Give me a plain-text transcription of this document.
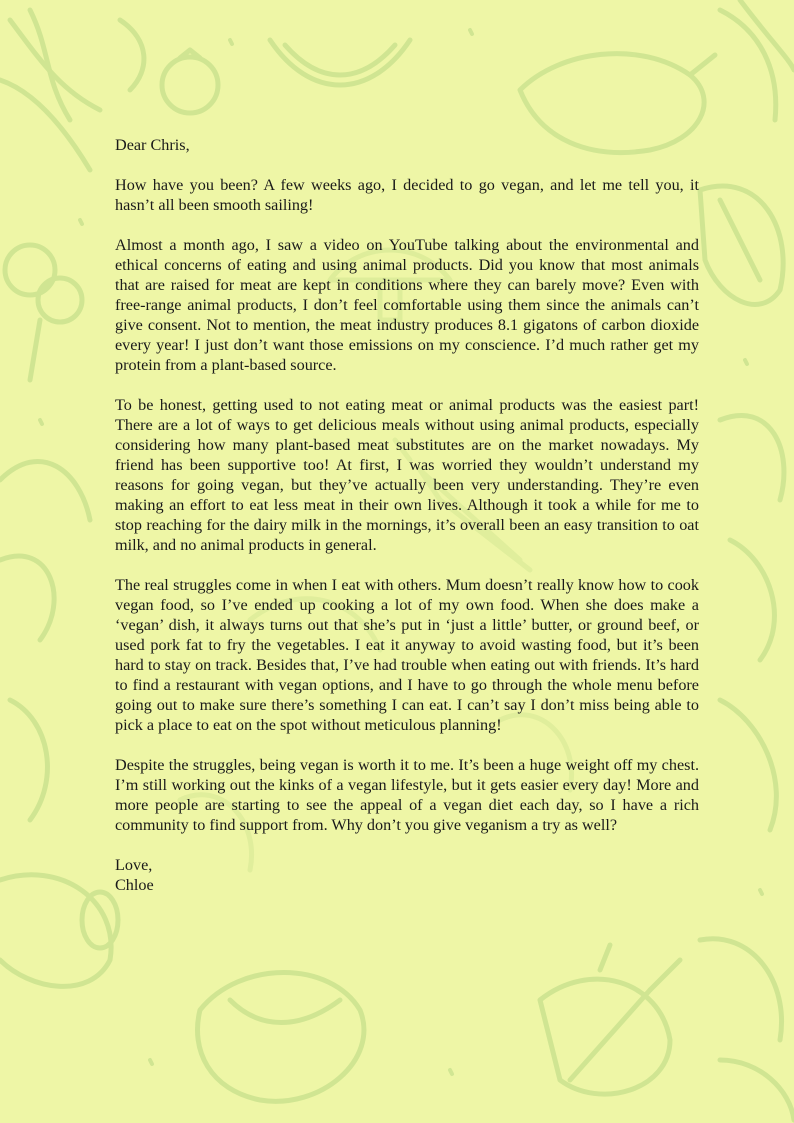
Dear Chris,

How have you been? A few weeks ago, I decided to go vegan, and let me tell you, it hasn’t all been smooth sailing!

Almost a month ago, I saw a video on YouTube talking about the environmental and ethical concerns of eating and using animal products. Did you know that most animals that are raised for meat are kept in conditions where they can barely move? Even with free-range animal products, I don’t feel comfortable using them since the animals can’t give consent. Not to mention, the meat industry produces 8.1 gigatons of carbon dioxide every year! I just don’t want those emissions on my conscience. I’d much rather get my protein from a plant-based source.

To be honest, getting used to not eating meat or animal products was the easiest part! There are a lot of ways to get delicious meals without using animal products, especially considering how many plant-based meat substitutes are on the market nowadays. My friend has been supportive too! At first, I was worried they wouldn’t understand my reasons for going vegan, but they’ve actually been very understanding. They’re even making an effort to eat less meat in their own lives. Although it took a while for me to stop reaching for the dairy milk in the mornings, it’s overall been an easy transition to oat milk, and no animal products in general.

The real struggles come in when I eat with others. Mum doesn’t really know how to cook vegan food, so I’ve ended up cooking a lot of my own food. When she does make a ‘vegan’ dish, it always turns out that she’s put in ‘just a little’ butter, or ground beef, or used pork fat to fry the vegetables. I eat it anyway to avoid wasting food, but it’s been hard to stay on track. Besides that, I’ve had trouble when eating out with friends. It’s hard to find a restaurant with vegan options, and I have to go through the whole menu before going out to make sure there’s something I can eat. I can’t say I don’t miss being able to pick a place to eat on the spot without meticulous planning!

Despite the struggles, being vegan is worth it to me. It’s been a huge weight off my chest. I’m still working out the kinks of a vegan lifestyle, but it gets easier every day! More and more people are starting to see the appeal of a vegan diet each day, so I have a rich community to find support from. Why don’t you give veganism a try as well?

Love,
Chloe
